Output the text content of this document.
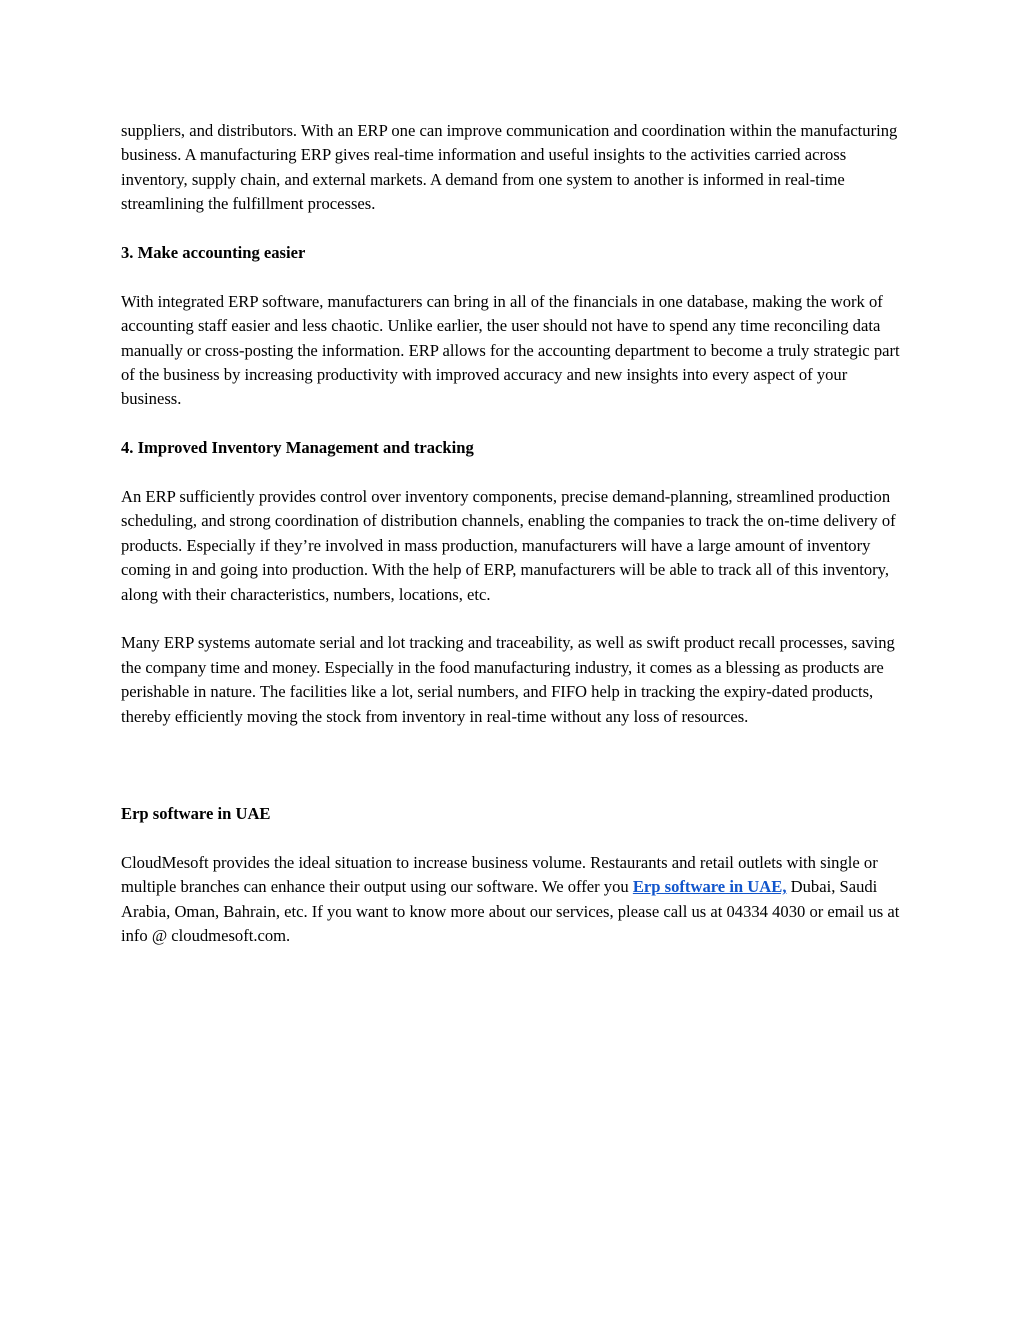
suppliers, and distributors. With an ERP one can improve communication and coordination within the manufacturing business. A manufacturing ERP gives real-time information and useful insights to the activities carried across inventory, supply chain, and external markets. A demand from one system to another is informed in real-time streamlining the fulfillment processes.

3. Make accounting easier

With integrated ERP software, manufacturers can bring in all of the financials in one database, making the work of accounting staff easier and less chaotic. Unlike earlier, the user should not have to spend any time reconciling data manually or cross-posting the information. ERP allows for the accounting department to become a truly strategic part of the business by increasing productivity with improved accuracy and new insights into every aspect of your business.

4. Improved Inventory Management and tracking

An ERP sufficiently provides control over inventory components, precise demand-planning, streamlined production scheduling, and strong coordination of distribution channels, enabling the companies to track the on-time delivery of products. Especially if they’re involved in mass production, manufacturers will have a large amount of inventory coming in and going into production. With the help of ERP, manufacturers will be able to track all of this inventory, along with their characteristics, numbers, locations, etc.

Many ERP systems automate serial and lot tracking and traceability, as well as swift product recall processes, saving the company time and money. Especially in the food manufacturing industry, it comes as a blessing as products are perishable in nature. The facilities like a lot, serial numbers, and FIFO help in tracking the expiry-dated products, thereby efficiently moving the stock from inventory in real-time without any loss of resources.

Erp software in UAE

CloudMesoft provides the ideal situation to increase business volume. Restaurants and retail outlets with single or multiple branches can enhance their output using our software. We offer you Erp software in UAE, Dubai, Saudi Arabia, Oman, Bahrain, etc. If you want to know more about our services, please call us at 04334 4030 or email us at info @ cloudmesoft.com.
